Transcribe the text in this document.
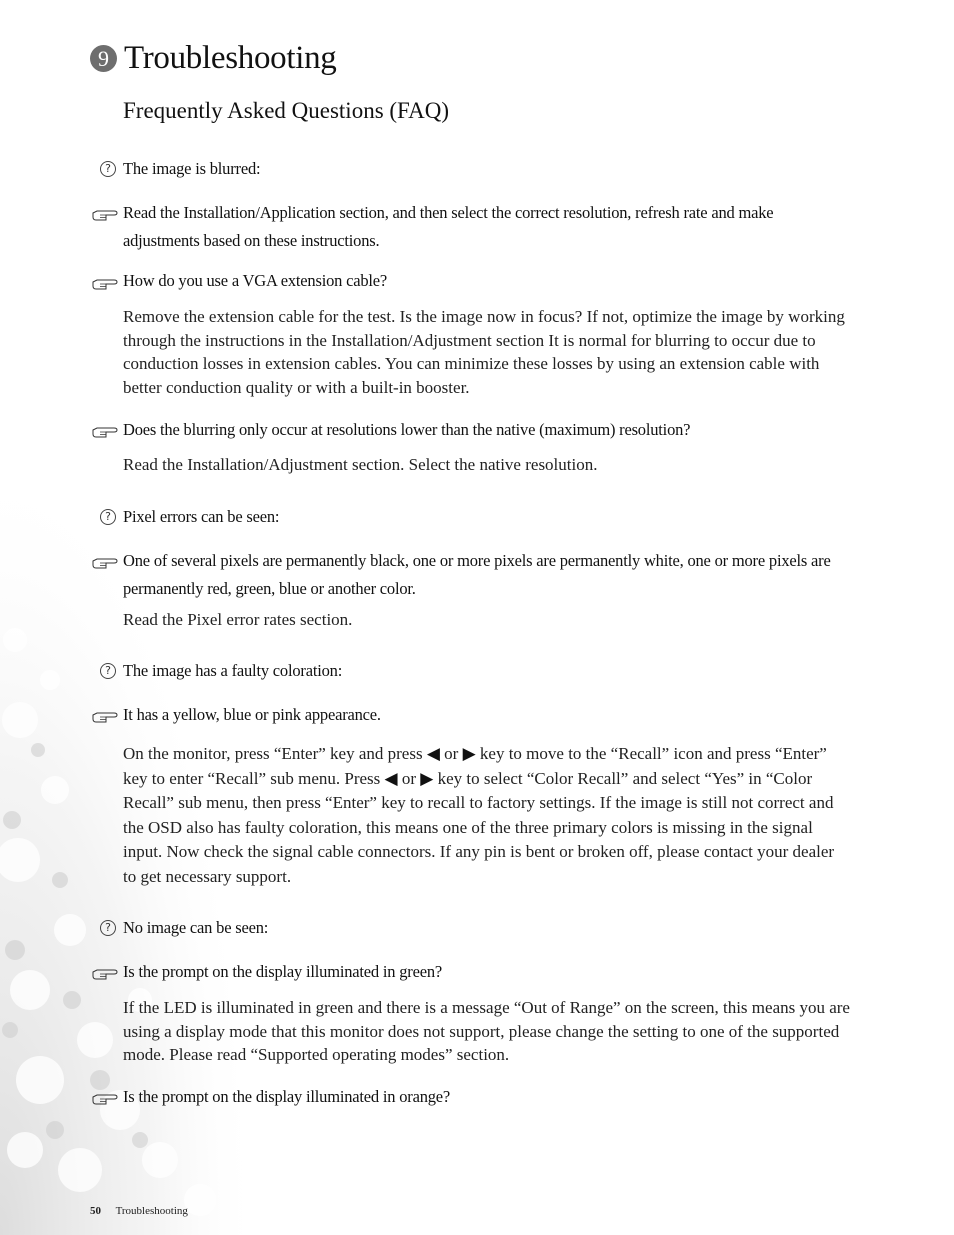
9 Troubleshooting
Frequently Asked Questions (FAQ)
? The image is blurred:
Read the Installation/Application section, and then select the correct resolution, refresh rate and make adjustments based on these instructions.
How do you use a VGA extension cable?
Remove the extension cable for the test. Is the image now in focus? If not, optimize the image by working through the instructions in the Installation/Adjustment section It is normal for blurring to occur due to conduction losses in extension cables. You can minimize these losses by using an extension cable with better conduction quality or with a built-in booster.
Does the blurring only occur at resolutions lower than the native (maximum) resolution?
Read the Installation/Adjustment section. Select the native resolution.
? Pixel errors can be seen:
One of several pixels are permanently black, one or more pixels are permanently white, one or more pixels are permanently red, green, blue or another color.
Read the Pixel error rates section.
? The image has a faulty coloration:
It has a yellow, blue or pink appearance.
On the monitor, press “Enter” key and press ◀ or ▶ key to move to the “Recall” icon and press “Enter” key to enter “Recall” sub menu. Press ◀ or ▶ key to select “Color Recall” and select “Yes” in “Color Recall” sub menu, then press “Enter” key to recall to factory settings. If the image is still not correct and the OSD also has faulty coloration, this means one of the three primary colors is missing in the signal input. Now check the signal cable connectors. If any pin is bent or broken off, please contact your dealer to get necessary support.
? No image can be seen:
Is the prompt on the display illuminated in green?
If the LED is illuminated in green and there is a message “Out of Range” on the screen, this means you are using a display mode that this monitor does not support, please change the setting to one of the supported mode. Please read “Supported operating modes” section.
Is the prompt on the display illuminated in orange?
50 Troubleshooting
